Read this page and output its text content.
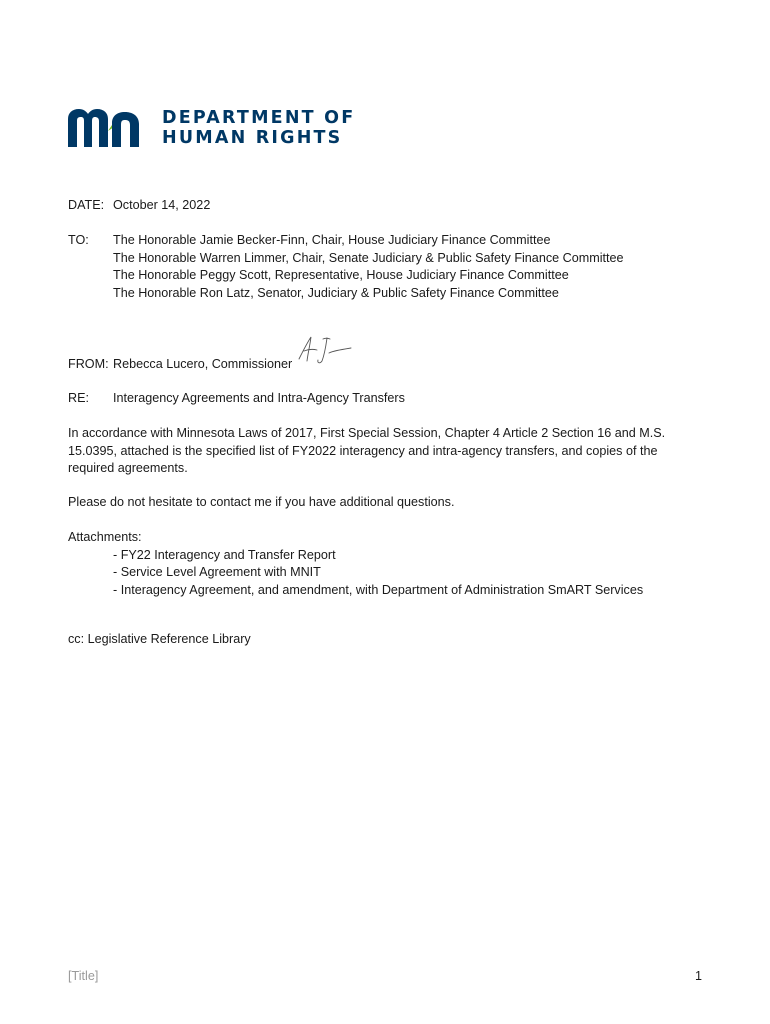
DEPARTMENT OF
HUMAN RIGHTS
DATE: October 14, 2022
TO:	The Honorable Jamie Becker-Finn, Chair, House Judiciary Finance Committee
The Honorable Warren Limmer, Chair, Senate Judiciary & Public Safety Finance Committee
The Honorable Peggy Scott, Representative, House Judiciary Finance Committee
The Honorable Ron Latz, Senator, Judiciary & Public Safety Finance Committee
FROM: Rebecca Lucero, Commissioner
RE:	Interagency Agreements and Intra-Agency Transfers
In accordance with Minnesota Laws of 2017, First Special Session, Chapter 4 Article 2 Section 16 and M.S. 15.0395, attached is the specified list of FY2022 interagency and intra-agency transfers, and copies of the required agreements.
Please do not hesitate to contact me if you have additional questions.
Attachments:
- FY22 Interagency and Transfer Report
- Service Level Agreement with MNIT
- Interagency Agreement, and amendment, with Department of Administration SmART Services
cc: Legislative Reference Library
[Title]	1
